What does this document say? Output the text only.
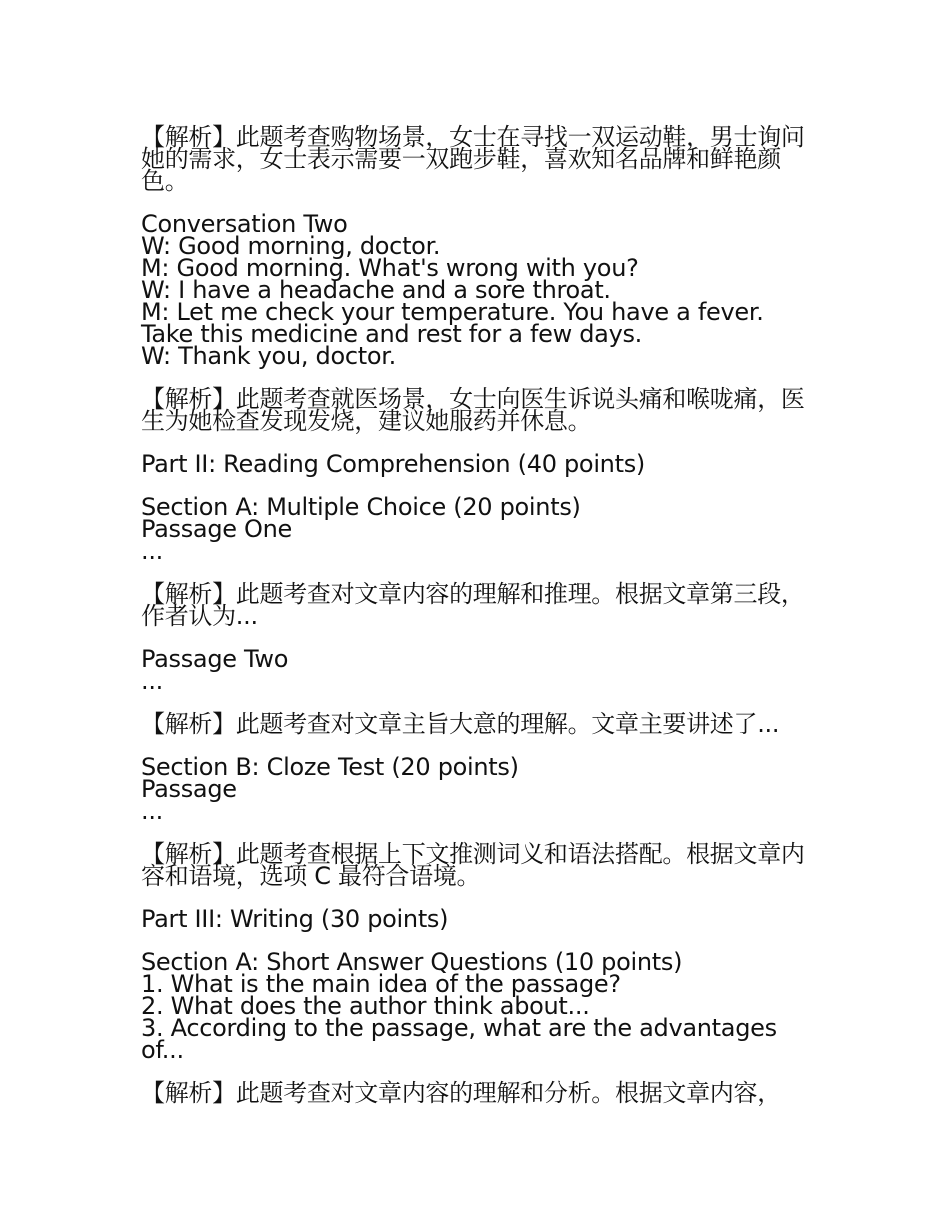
【解析】此题考查购物场景，女士在寻找一双运动鞋，男士询问她的需求，女士表示需要一双跑步鞋，喜欢知名品牌和鲜艳颜色。
Conversation Two
W: Good morning, doctor.
M: Good morning. What's wrong with you?
W: I have a headache and a sore throat.
M: Let me check your temperature. You have a fever.
Take this medicine and rest for a few days.
W: Thank you, doctor.
【解析】此题考查就医场景，女士向医生诉说头痛和喉咙痛，医生为她检查发现发烧，建议她服药并休息。
Part II: Reading Comprehension (40 points)
Section A: Multiple Choice (20 points)
Passage One
...
【解析】此题考查对文章内容的理解和推理。根据文章第三段，作者认为...
Passage Two
...
【解析】此题考查对文章主旨大意的理解。文章主要讲述了...
Section B: Cloze Test (20 points)
Passage
...
【解析】此题考查根据上下文推测词义和语法搭配。根据文章内容和语境，选项 C 最符合语境。
Part III: Writing (30 points)
Section A: Short Answer Questions (10 points)
1. What is the main idea of the passage?
2. What does the author think about...
3. According to the passage, what are the advantages
of...
【解析】此题考查对文章内容的理解和分析。根据文章内容，
